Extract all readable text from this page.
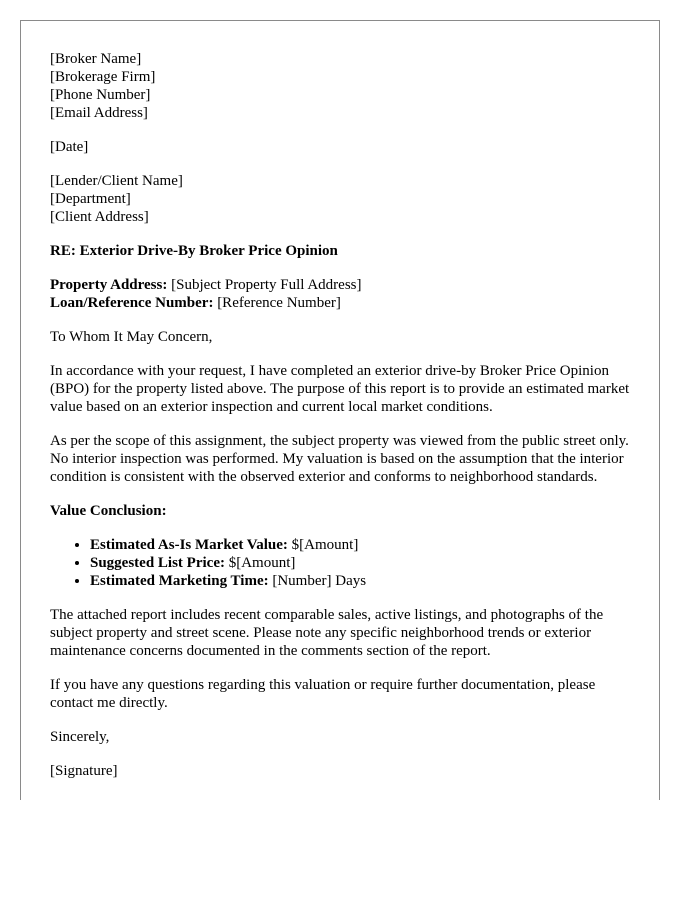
[Broker Name]
[Brokerage Firm]
[Phone Number]
[Email Address]

[Date]

[Lender/Client Name]
[Department]
[Client Address]

RE: Exterior Drive-By Broker Price Opinion

Property Address: [Subject Property Full Address]
Loan/Reference Number: [Reference Number]

To Whom It May Concern,

In accordance with your request, I have completed an exterior drive-by Broker Price Opinion (BPO) for the property listed above. The purpose of this report is to provide an estimated market value based on an exterior inspection and current local market conditions.

As per the scope of this assignment, the subject property was viewed from the public street only. No interior inspection was performed. My valuation is based on the assumption that the interior condition is consistent with the observed exterior and conforms to neighborhood standards.

Value Conclusion:

• Estimated As-Is Market Value: $[Amount]
• Suggested List Price: $[Amount]
• Estimated Marketing Time: [Number] Days

The attached report includes recent comparable sales, active listings, and photographs of the subject property and street scene. Please note any specific neighborhood trends or exterior maintenance concerns documented in the comments section of the report.

If you have any questions regarding this valuation or require further documentation, please contact me directly.

Sincerely,

[Signature]
